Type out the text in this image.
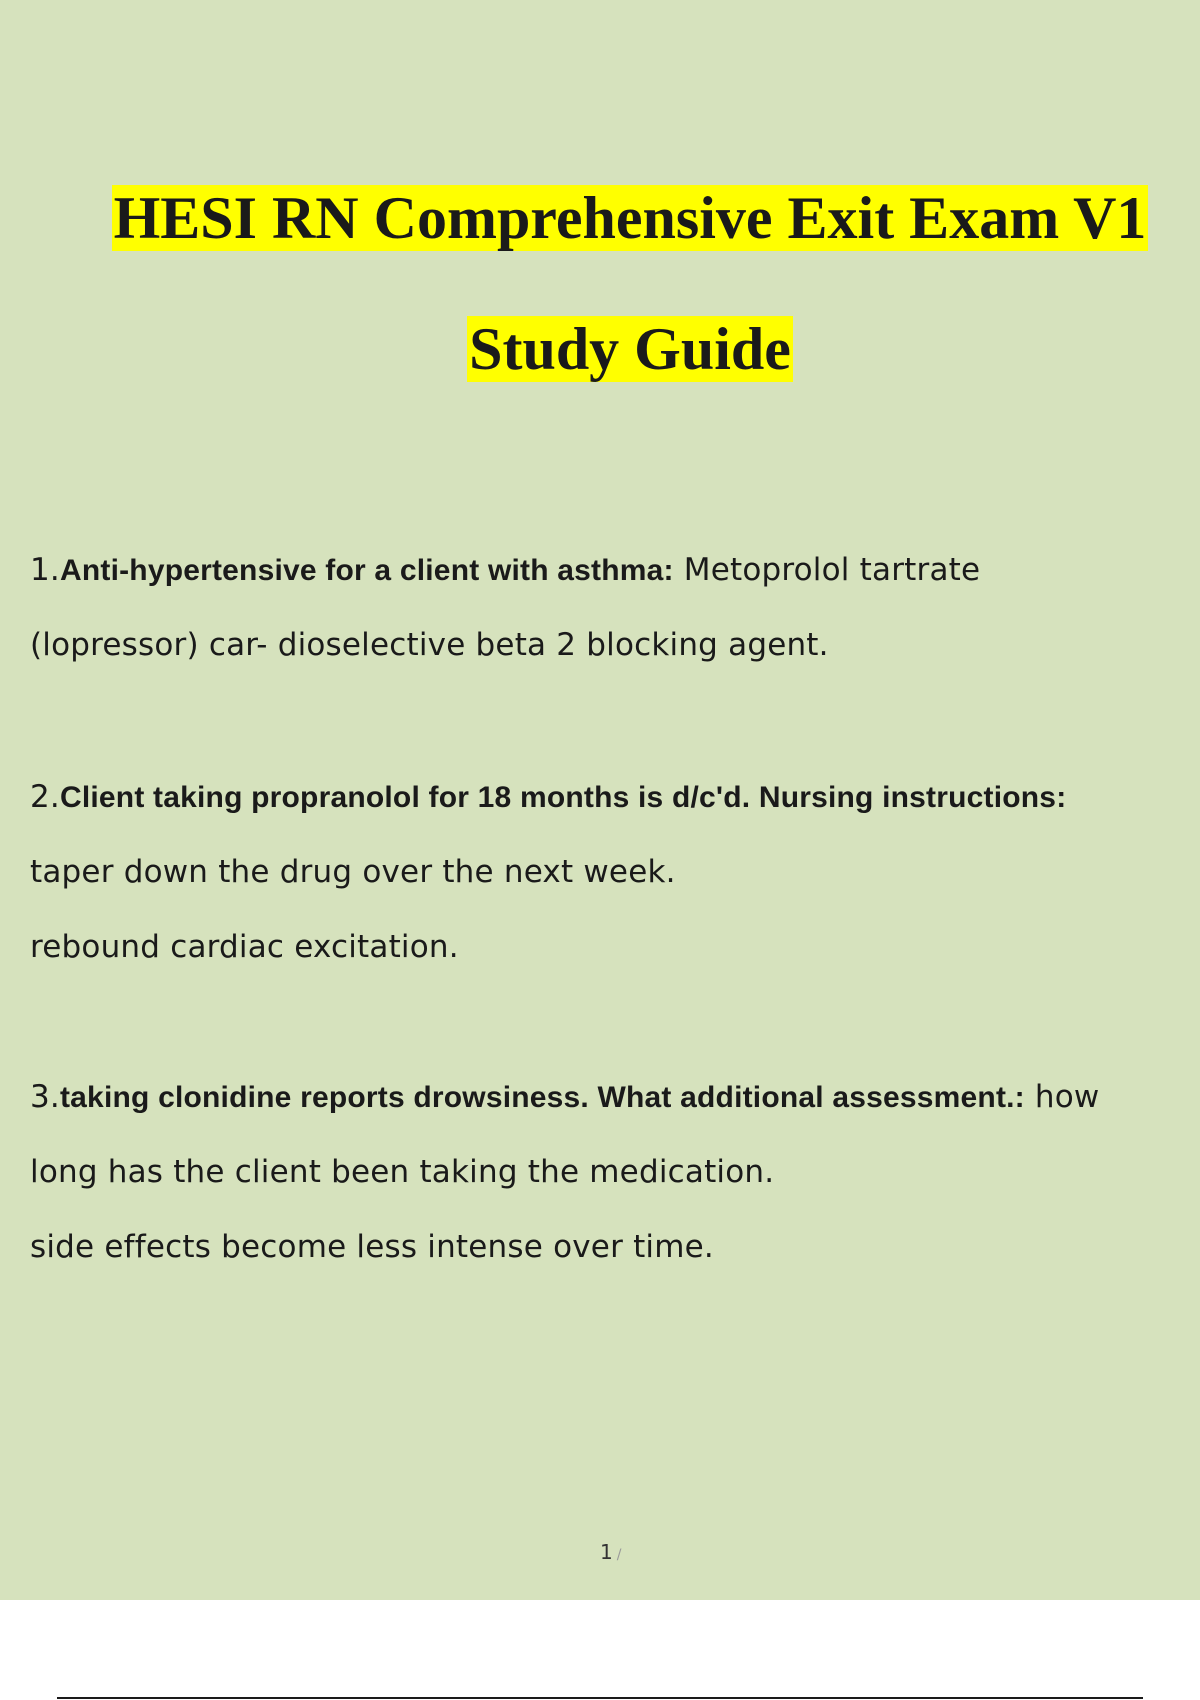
HESI RN Comprehensive Exit Exam V1
Study Guide
1.Anti-hypertensive for a client with asthma: Metoprolol tartrate
(lopressor) car- dioselective beta 2 blocking agent.
2.Client taking propranolol for 18 months is d/c'd. Nursing instructions:
taper down the drug over the next week.
rebound cardiac excitation.
3.taking clonidine reports drowsiness. What additional assessment.: how
long has the client been taking the medication.
side effects become less intense over time.
1 /
